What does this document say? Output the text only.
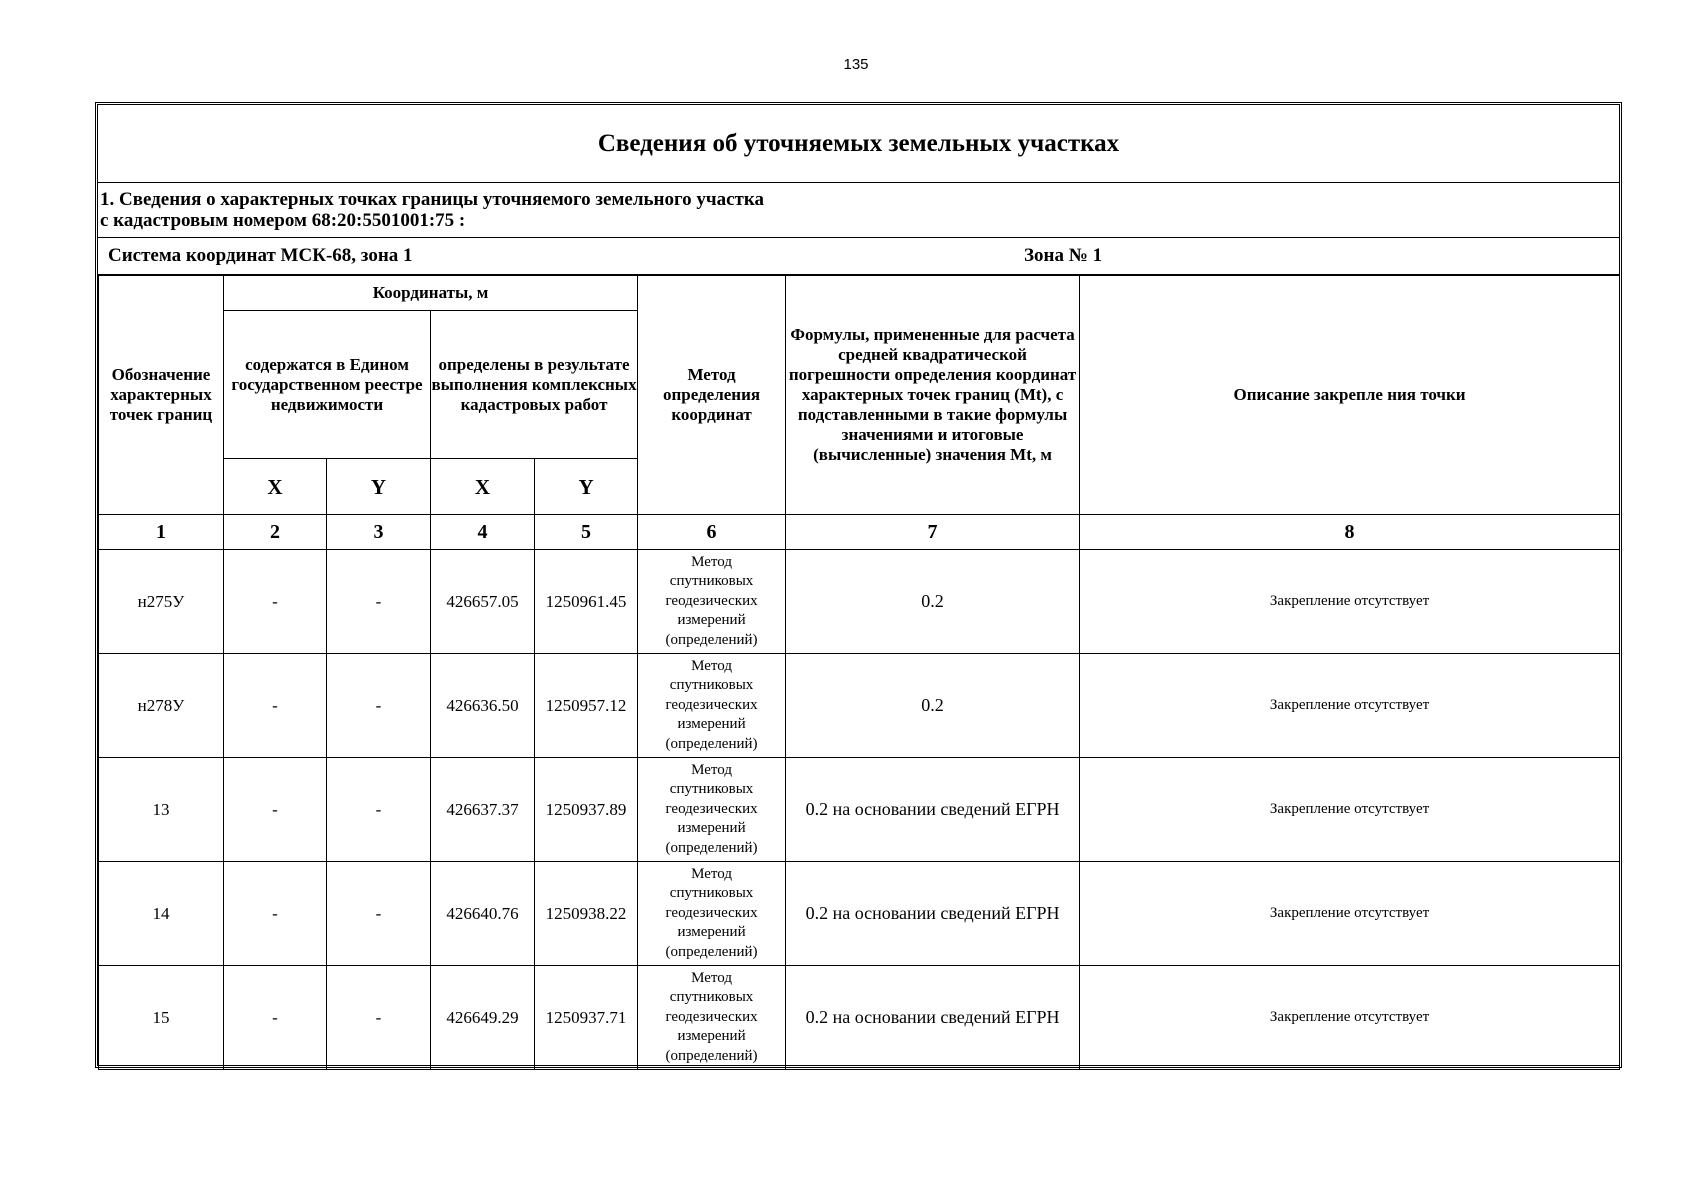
135
Сведения об уточняемых земельных участках
1. Сведения о характерных точках границы уточняемого земельного участка
с кадастровым номером 68:20:5501001:75 :
Система координат МСК-68, зона 1	Зона № 1
Обозначение характерных точек границ	Координаты, м				Метод определения координат	Формулы, примененные для расчета средней квадратической погрешности определения координат характерных точек границ (Mt), с подставленными в такие формулы значениями и итоговые (вычисленные) значения Mt, м	Описание закрепле ния точки
	содержатся в Едином государственном реестре недвижимости		определены в результате выполнения комплексных кадастровых работ				
	X	Y	X	Y			
1	2	3	4	5	6	7	8
н275У	-	-	426657.05	1250961.45	Метод
спутниковых
геодезических
измерений
(определений)	0.2	Закрепление отсутствует
н278У	-	-	426636.50	1250957.12	Метод
спутниковых
геодезических
измерений
(определений)	0.2	Закрепление отсутствует
13	-	-	426637.37	1250937.89	Метод
спутниковых
геодезических
измерений
(определений)	0.2 на основании сведений ЕГРН	Закрепление отсутствует
14	-	-	426640.76	1250938.22	Метод
спутниковых
геодезических
измерений
(определений)	0.2 на основании сведений ЕГРН	Закрепление отсутствует
15	-	-	426649.29	1250937.71	Метод
спутниковых
геодезических
измерений
(определений)	0.2 на основании сведений ЕГРН	Закрепление отсутствует
